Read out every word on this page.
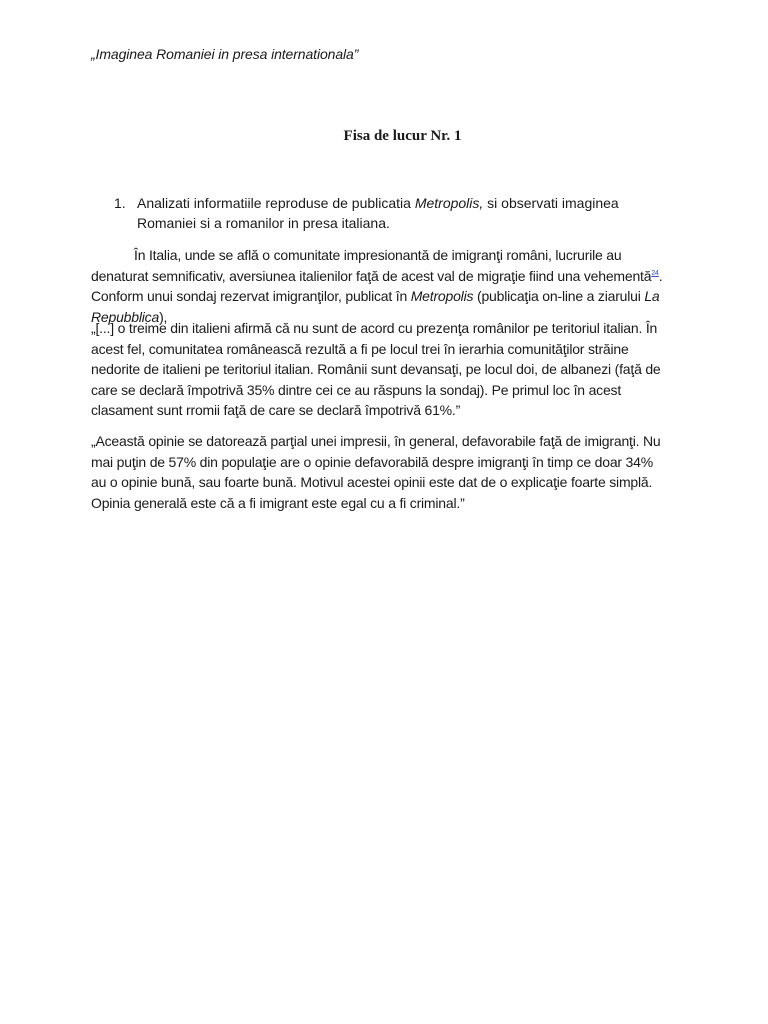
„Imaginea Romaniei in presa internationala”
Fisa de lucur Nr. 1
1. Analizati informatiile reproduse de publicatia Metropolis, si observati imaginea Romaniei si a romanilor in presa italiana.

În Italia, unde se află o comunitate impresionantă de imigranţi români, lucrurile au denaturat semnificativ, aversiunea italienilor faţă de acest val de migraţie fiind una vehementă$^{24}$. Conform unui sondaj rezervat imigranţilor, publicat în Metropolis (publicaţia on-line a ziarului La Repubblica),

„[...] o treime din italieni afirmă că nu sunt de acord cu prezenţa românilor pe teritoriul italian. În acest fel, comunitatea românească rezultă a fi pe locul trei în ierarhia comunităţilor străine nedorite de italieni pe teritoriul italian. Românii sunt devansaţi, pe locul doi, de albanezi (faţă de care se declară împotrivă 35% dintre cei ce au răspuns la sondaj). Pe primul loc în acest clasament sunt rromii faţă de care se declară împotrivă 61%.”

„Această opinie se datorează parţial unei impresii, în general, defavorabile faţă de imigranţi. Nu mai puţin de 57% din populaţie are o opinie defavorabilă despre imigranţi în timp ce doar 34% au o opinie bună, sau foarte bună. Motivul acestei opinii este dat de o explicaţie foarte simplă. Opinia generală este că a fi imigrant este egal cu a fi criminal.”
